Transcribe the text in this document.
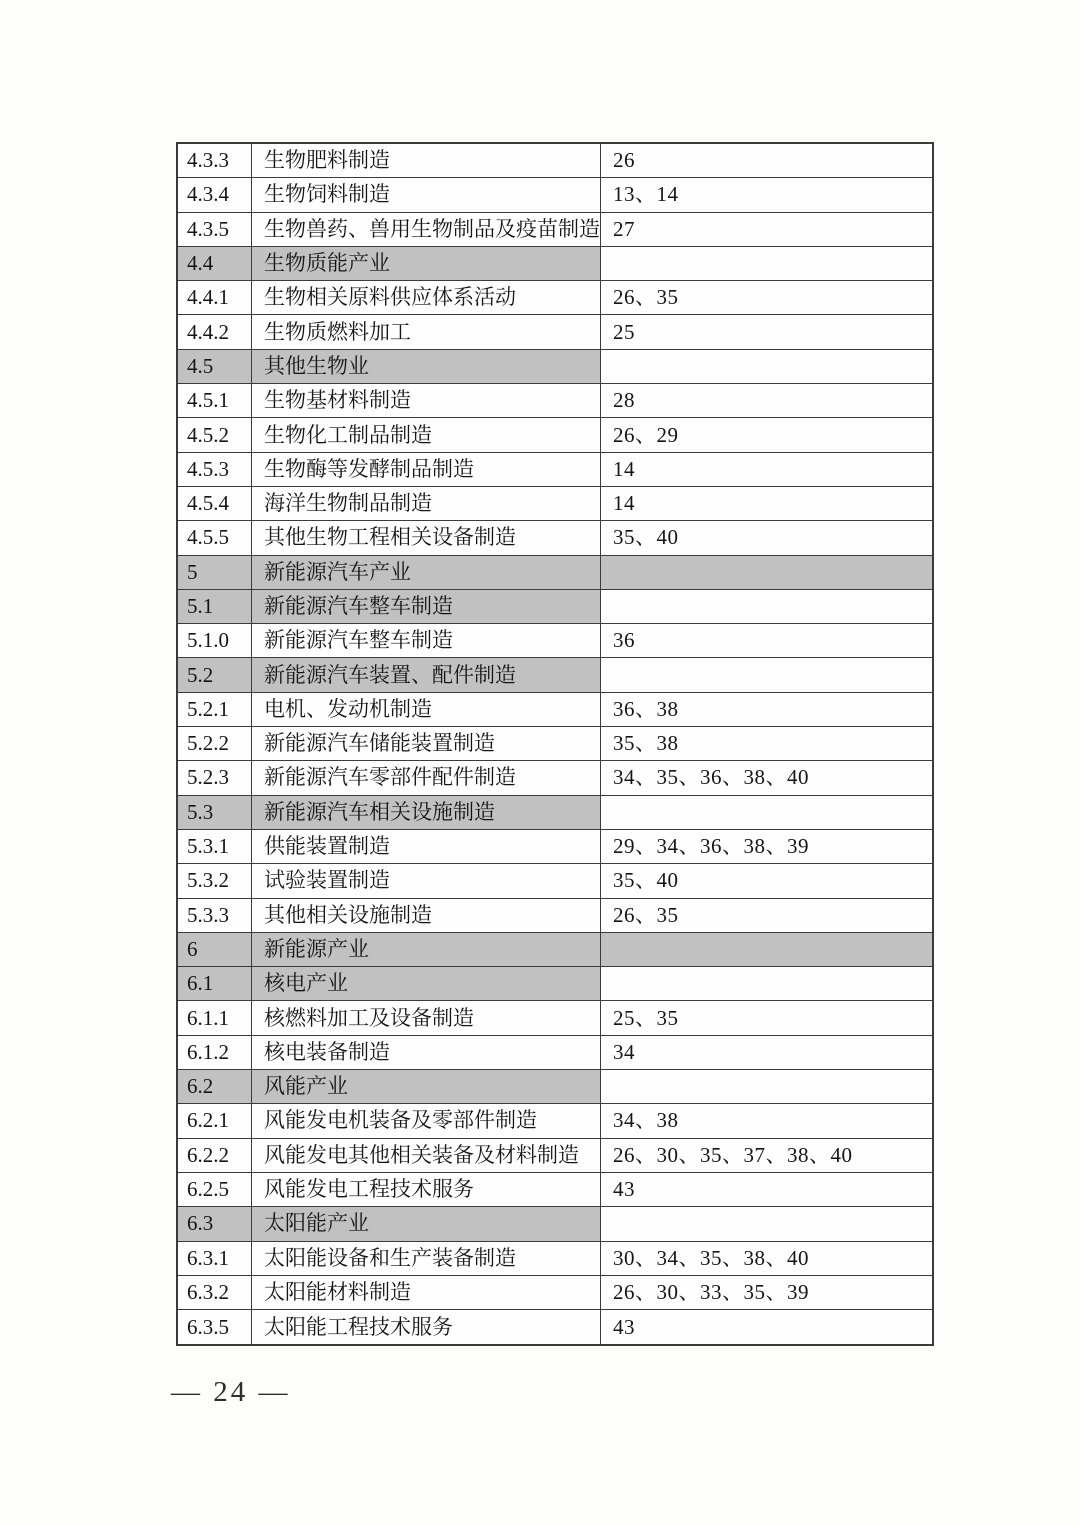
4.3.3	生物肥料制造	26
4.3.4	生物饲料制造	13、14
4.3.5	生物兽药、兽用生物制品及疫苗制造 27
4.4	生物质能产业
4.4.1	生物相关原料供应体系活动	26、35
4.4.2	生物质燃料加工	25
4.5	其他生物业
4.5.1	生物基材料制造	28
4.5.2	生物化工制品制造	26、29
4.5.3	生物酶等发酵制品制造	14
4.5.4	海洋生物制品制造	14
4.5.5	其他生物工程相关设备制造	35、40
5	新能源汽车产业
5.1	新能源汽车整车制造
5.1.0	新能源汽车整车制造	36
5.2	新能源汽车装置、配件制造
5.2.1	电机、发动机制造	36、38
5.2.2	新能源汽车储能装置制造	35、38
5.2.3	新能源汽车零部件配件制造	34、35、36、38、40
5.3	新能源汽车相关设施制造
5.3.1	供能装置制造	29、34、36、38、39
5.3.2	试验装置制造	35、40
5.3.3	其他相关设施制造	26、35
6	新能源产业
6.1	核电产业
6.1.1	核燃料加工及设备制造	25、35
6.1.2	核电装备制造	34
6.2	风能产业
6.2.1	风能发电机装备及零部件制造	34、38
6.2.2	风能发电其他相关装备及材料制造	26、30、35、37、38、40
6.2.5	风能发电工程技术服务	43
6.3	太阳能产业
6.3.1	太阳能设备和生产装备制造	30、34、35、38、40
6.3.2	太阳能材料制造	26、30、33、35、39
6.3.5	太阳能工程技术服务	43
— 24 —
